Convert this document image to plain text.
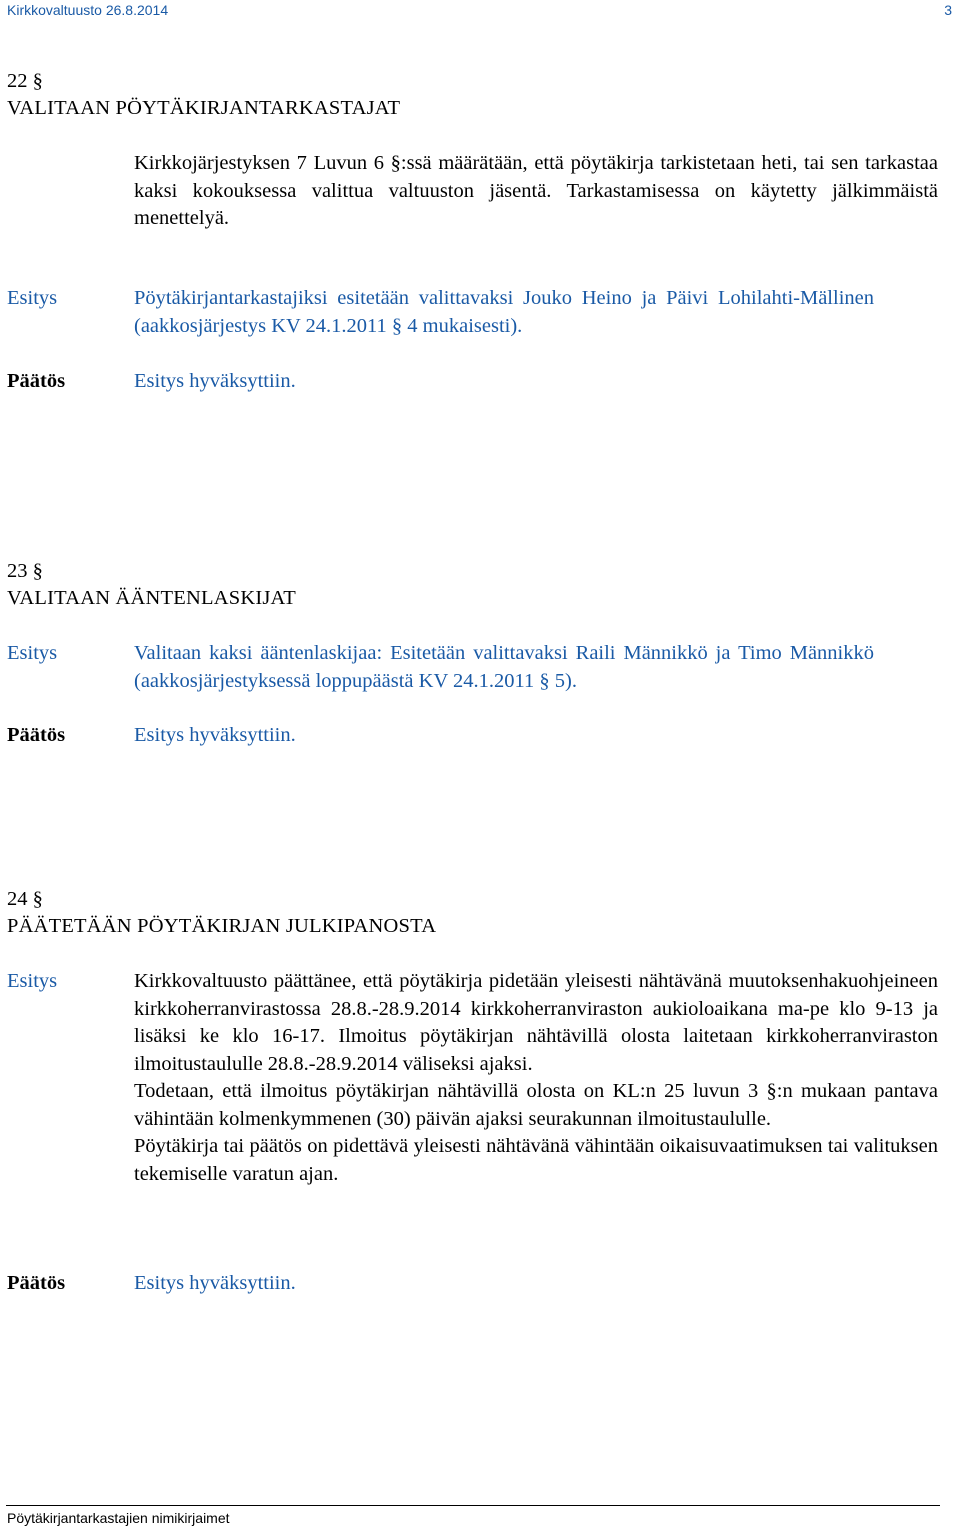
Kirkkovaltuusto 26.8.2014	3
22 §
VALITAAN PÖYTÄKIRJANTARKASTAJAT

Kirkkojärjestyksen 7 Luvun 6 §:ssä määrätään, että pöytäkirja tarkistetaan heti, tai sen tarkastaa kaksi kokouksessa valittua valtuuston jäsentä. Tarkastamisessa on käytetty jälkimmäistä menettelyä.

Esitys	Pöytäkirjantarkastajiksi esitetään valittavaksi Jouko Heino ja Päivi Lohilahti-Mällinen (aakkosjärjestys KV 24.1.2011 § 4 mukaisesti).

Päätös	Esitys hyväksyttiin.
23 §
VALITAAN ÄÄNTENLASKIJAT
Esitys	Valitaan kaksi ääntenlaskijaa: Esitetään valittavaksi Raili Männikkö ja Timo Männikkö (aakkosjärjestyksessä loppupäästä KV 24.1.2011 § 5).

Päätös	Esitys hyväksyttiin.
24 §
PÄÄTETÄÄN PÖYTÄKIRJAN JULKIPANOSTA
Esitys	Kirkkovaltuusto päättänee, että pöytäkirja pidetään yleisesti nähtävänä muutoksenhakuohjeineen kirkkoherranvirastossa 28.8.-28.9.2014 kirkkoherranviraston aukioloaikana ma-pe klo 9-13 ja lisäksi ke klo 16-17. Ilmoitus pöytäkirjan nähtävillä olosta laitetaan kirkkoherranviraston ilmoitustaululle 28.8.-28.9.2014 väliseksi ajaksi.

Todetaan, että ilmoitus pöytäkirjan nähtävillä olosta on KL:n 25 luvun 3 §:n mukaan pantava vähintään kolmenkymmenen (30) päivän ajaksi seurakunnan ilmoitustaululle.

Pöytäkirja tai päätös on pidettävä yleisesti nähtävänä vähintään oikaisuvaatimuksen tai valituksen tekemiselle varatun ajan.

Päätös	Esitys hyväksyttiin.
Pöytäkirjantarkastajien nimikirjaimet
